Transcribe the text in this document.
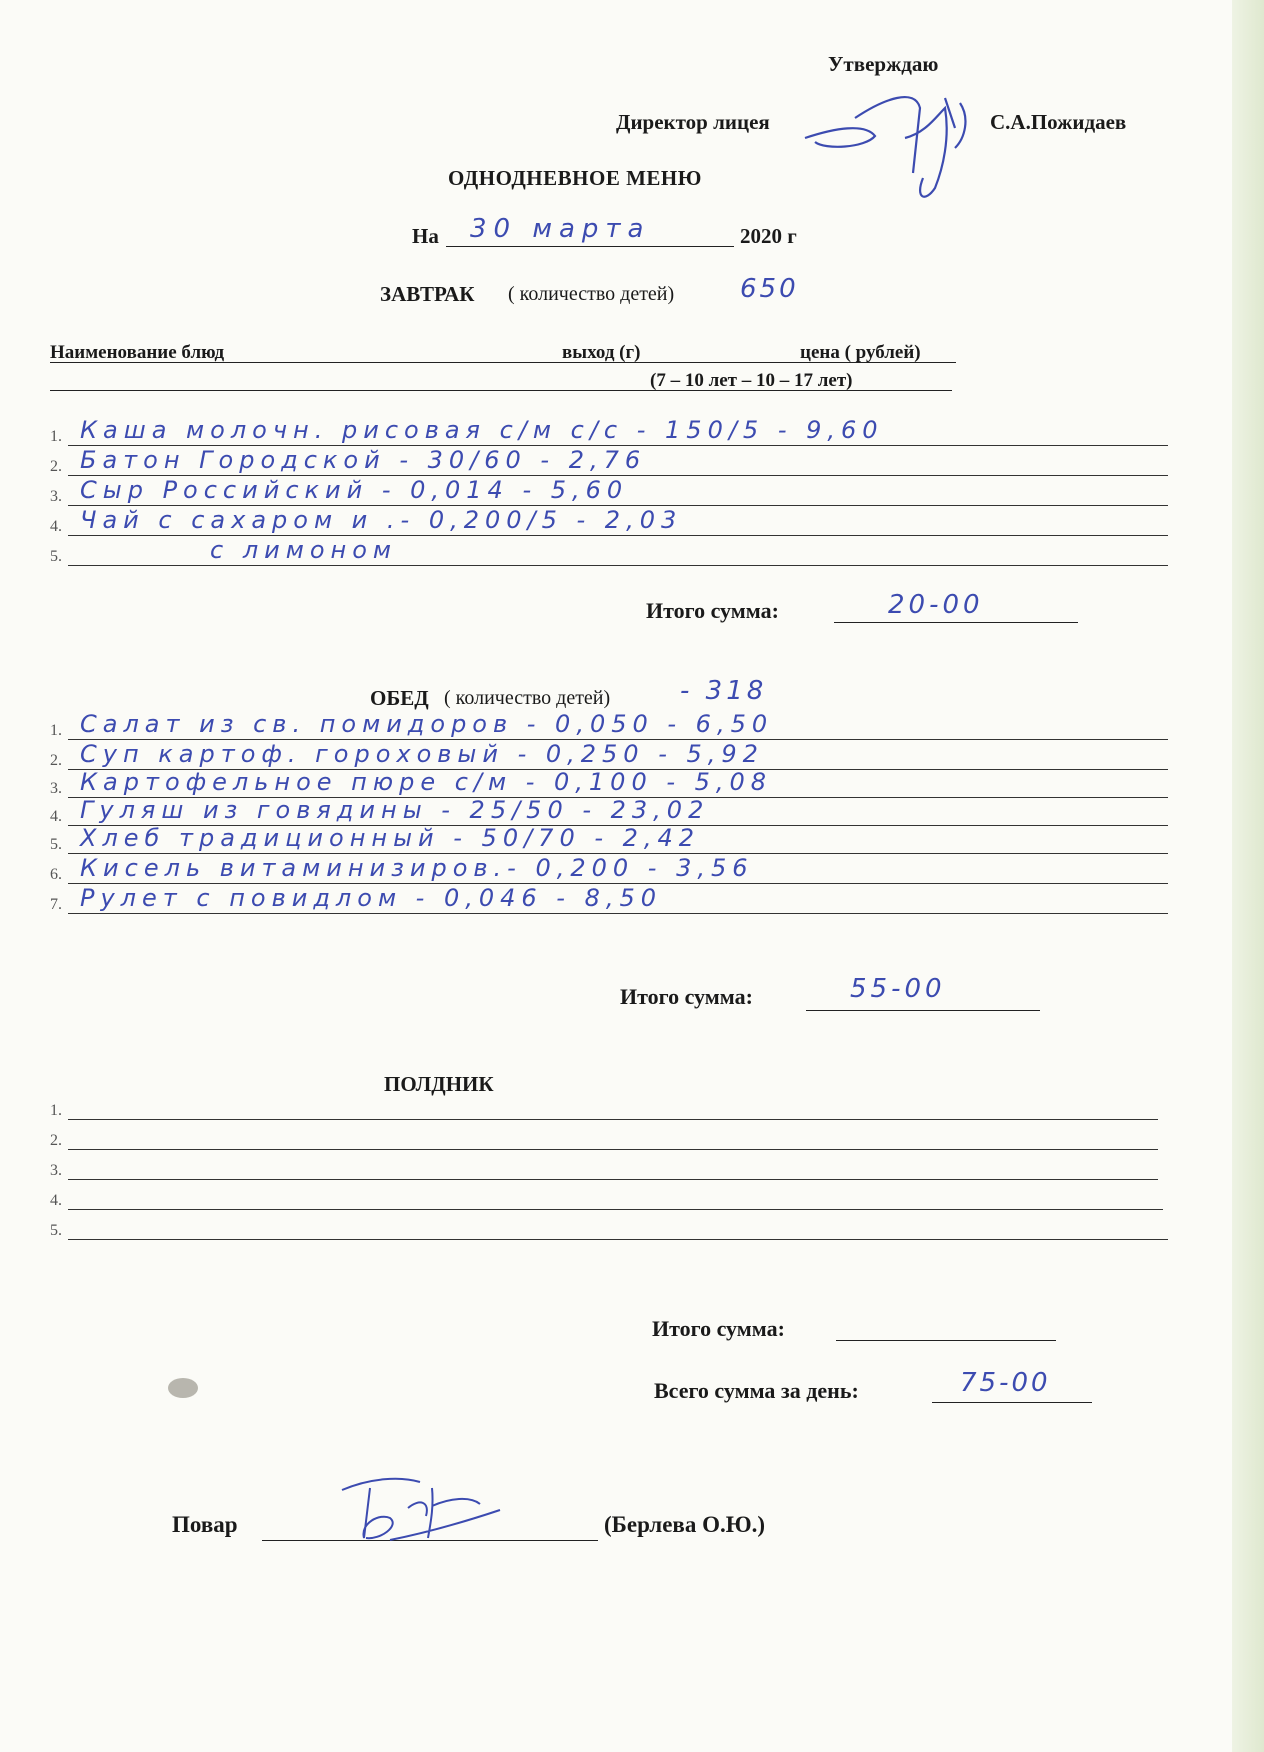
Утверждаю
Директор лицея	С.А.Пожидаев
ОДНОДНЕВНОЕ МЕНЮ
На 30 марта	2020 г
ЗАВТРАК ( количество детей)	650
Наименование блюд	выход (г)	цена ( рублей)
(7 – 10 лет – 10 – 17 лет)
1. Каша молочн. рисовая с/м с/с - 150/5 - 9,60
2. Батон Городской - 30/60 - 2,76
3. Сыр Российский - 0,014 - 5,60
4. Чай с сахаром и .- 0,200/5 - 2,03
5.	с лимоном
Итого сумма:	20-00
ОБЕД ( количество детей)	- 318
1. Салат из св. помидоров - 0,050 - 6,50
2. Суп картоф. гороховый - 0,250 - 5,92
3. Картофельное пюре с/м - 0,100 - 5,08
4. Гуляш из говядины - 25/50 - 23,02
5. Хлеб традиционный - 50/70 - 2,42
6. Кисель витаминизиров.- 0,200 - 3,56
7. Рулет с повидлом - 0,046 - 8,50
Итого сумма:	55-00
ПОЛДНИК
1.
2.
3.
4.
5.
Итого сумма:
Всего сумма за день:	75-00
Повар	(Берлева О.Ю.)
